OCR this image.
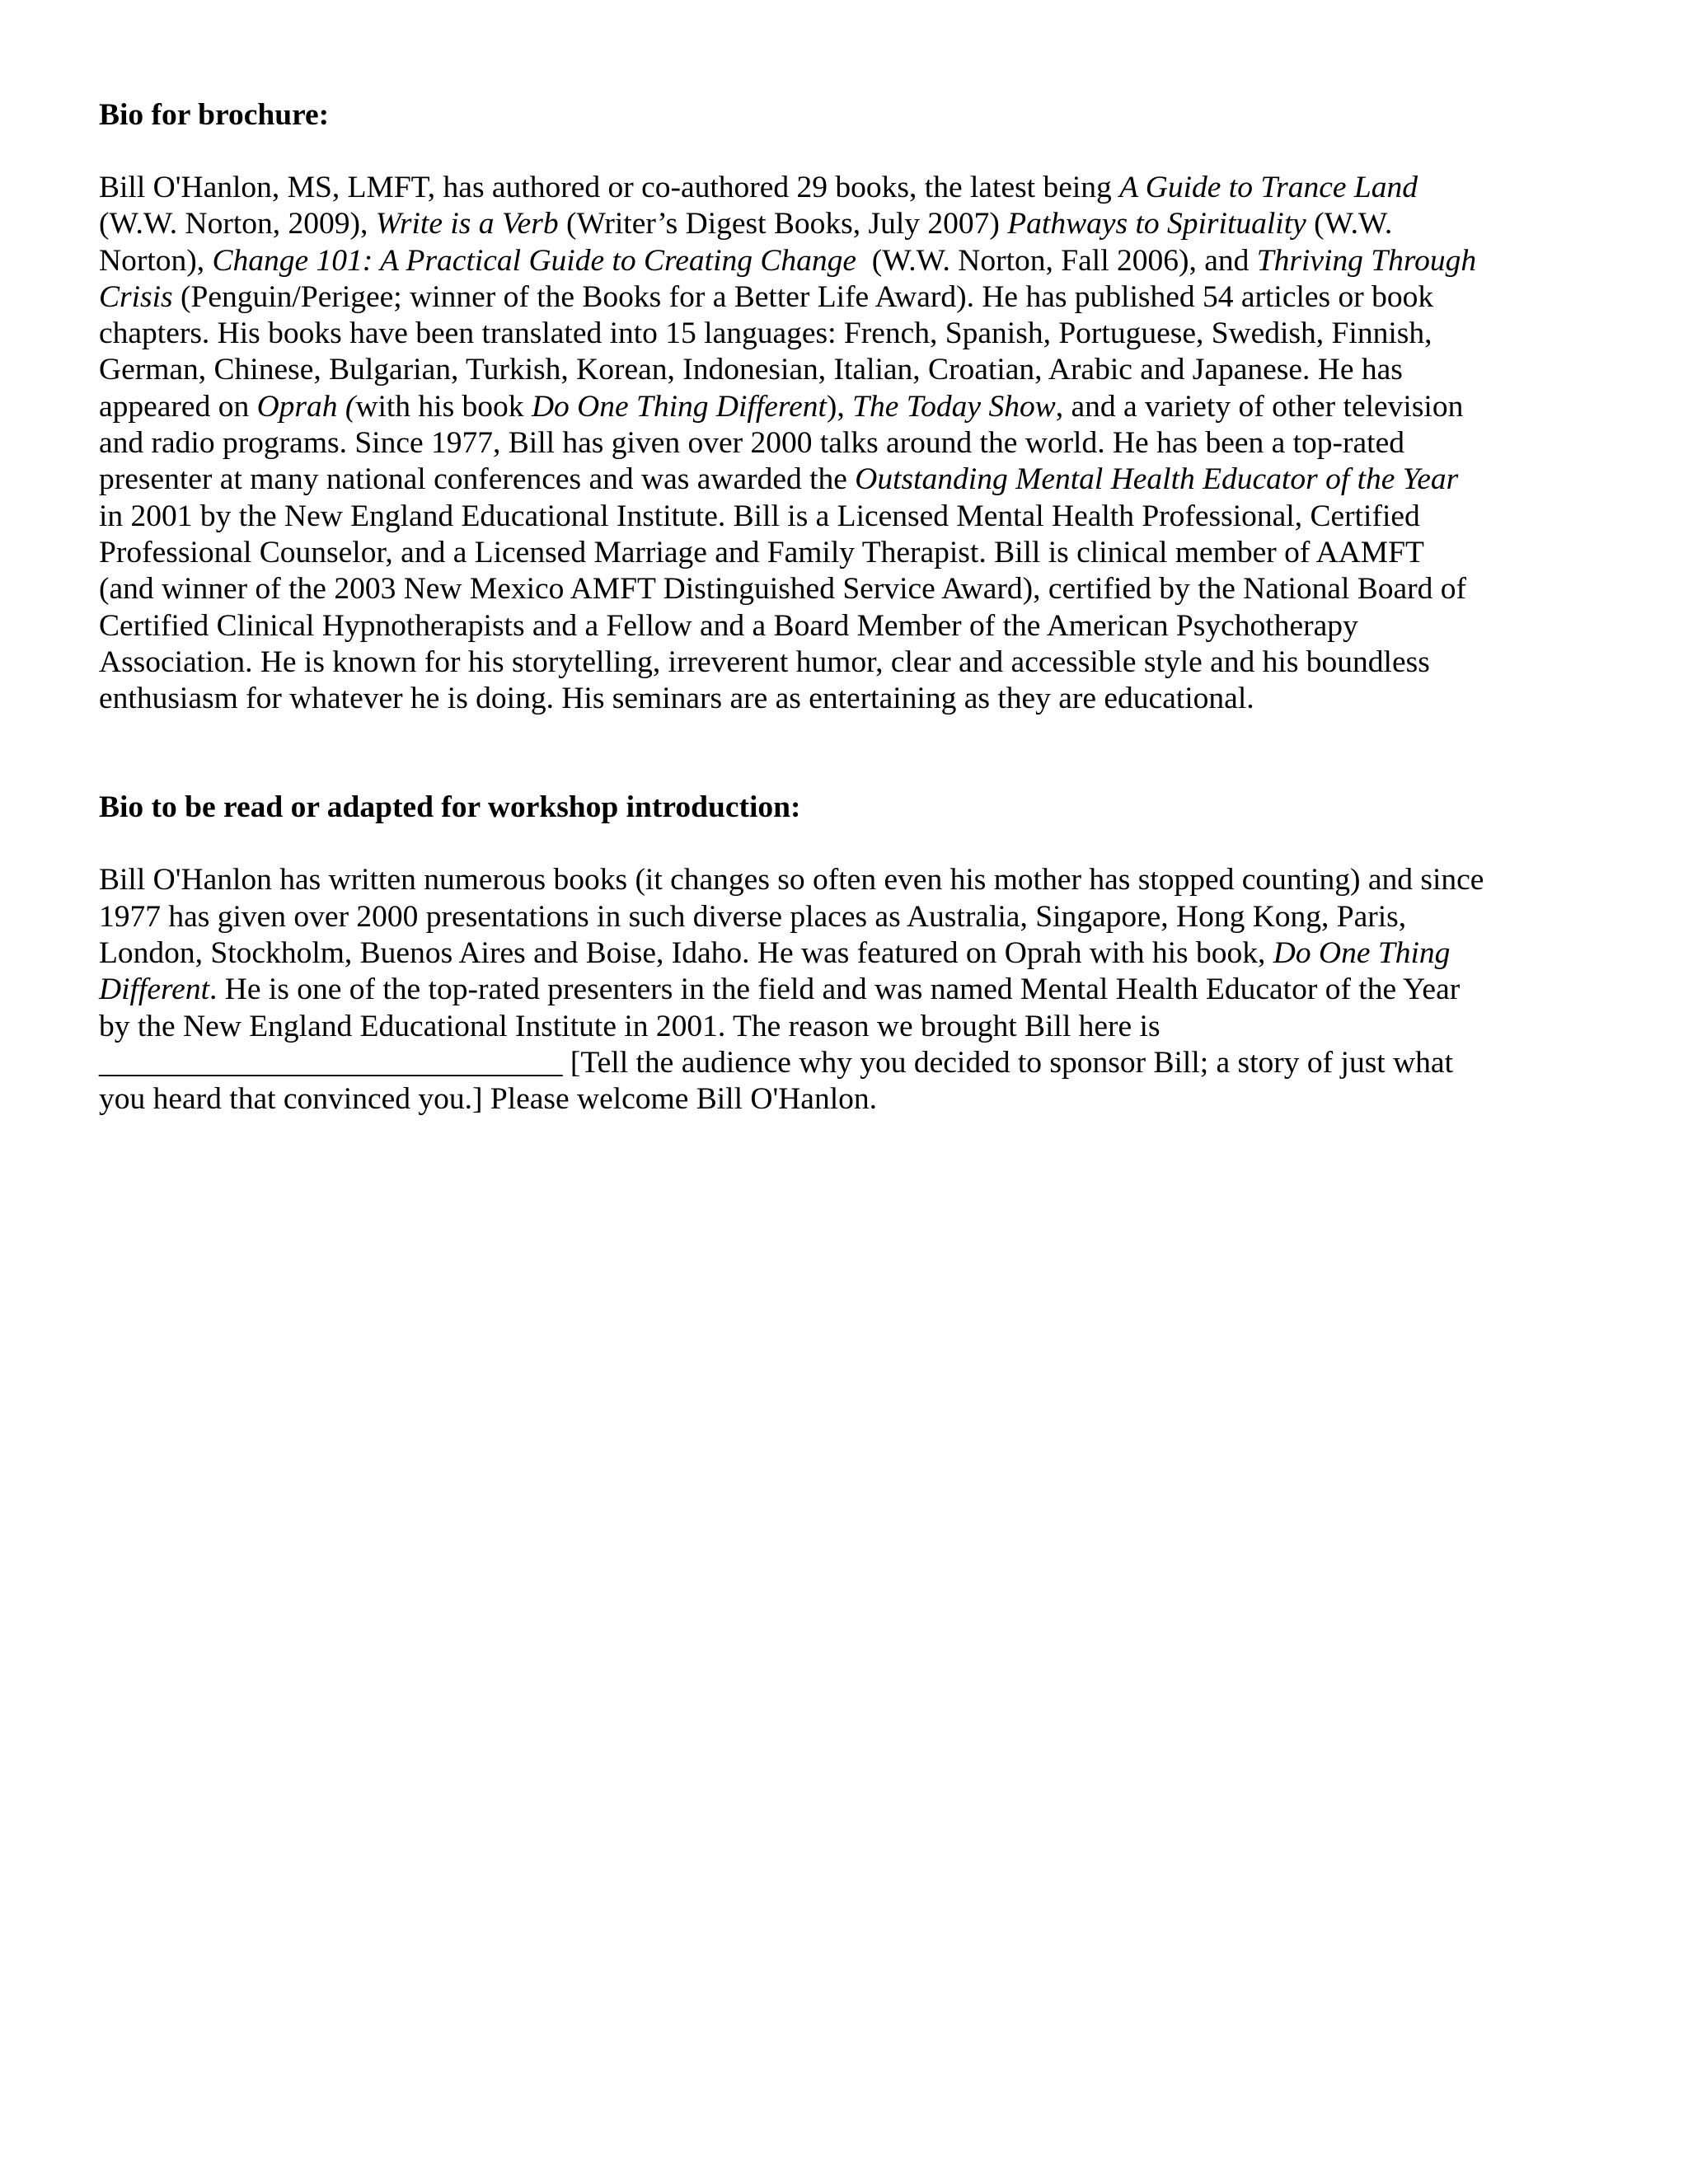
Bio for brochure:

Bill O'Hanlon, MS, LMFT, has authored or co-authored 29 books, the latest being A Guide to Trance Land
(W.W. Norton, 2009), Write is a Verb (Writer’s Digest Books, July 2007) Pathways to Spirituality (W.W.
Norton), Change 101: A Practical Guide to Creating Change  (W.W. Norton, Fall 2006), and Thriving Through
Crisis (Penguin/Perigee; winner of the Books for a Better Life Award). He has published 54 articles or book
chapters. His books have been translated into 15 languages: French, Spanish, Portuguese, Swedish, Finnish,
German, Chinese, Bulgarian, Turkish, Korean, Indonesian, Italian, Croatian, Arabic and Japanese. He has
appeared on Oprah (with his book Do One Thing Different), The Today Show, and a variety of other television
and radio programs. Since 1977, Bill has given over 2000 talks around the world. He has been a top-rated
presenter at many national conferences and was awarded the Outstanding Mental Health Educator of the Year
in 2001 by the New England Educational Institute. Bill is a Licensed Mental Health Professional, Certified
Professional Counselor, and a Licensed Marriage and Family Therapist. Bill is clinical member of AAMFT
(and winner of the 2003 New Mexico AMFT Distinguished Service Award), certified by the National Board of
Certified Clinical Hypnotherapists and a Fellow and a Board Member of the American Psychotherapy
Association. He is known for his storytelling, irreverent humor, clear and accessible style and his boundless
enthusiasm for whatever he is doing. His seminars are as entertaining as they are educational.

Bio to be read or adapted for workshop introduction:

Bill O'Hanlon has written numerous books (it changes so often even his mother has stopped counting) and since
1977 has given over 2000 presentations in such diverse places as Australia, Singapore, Hong Kong, Paris,
London, Stockholm, Buenos Aires and Boise, Idaho. He was featured on Oprah with his book, Do One Thing
Different. He is one of the top-rated presenters in the field and was named Mental Health Educator of the Year
by the New England Educational Institute in 2001. The reason we brought Bill here is
______________________________ [Tell the audience why you decided to sponsor Bill; a story of just what
you heard that convinced you.] Please welcome Bill O'Hanlon.
